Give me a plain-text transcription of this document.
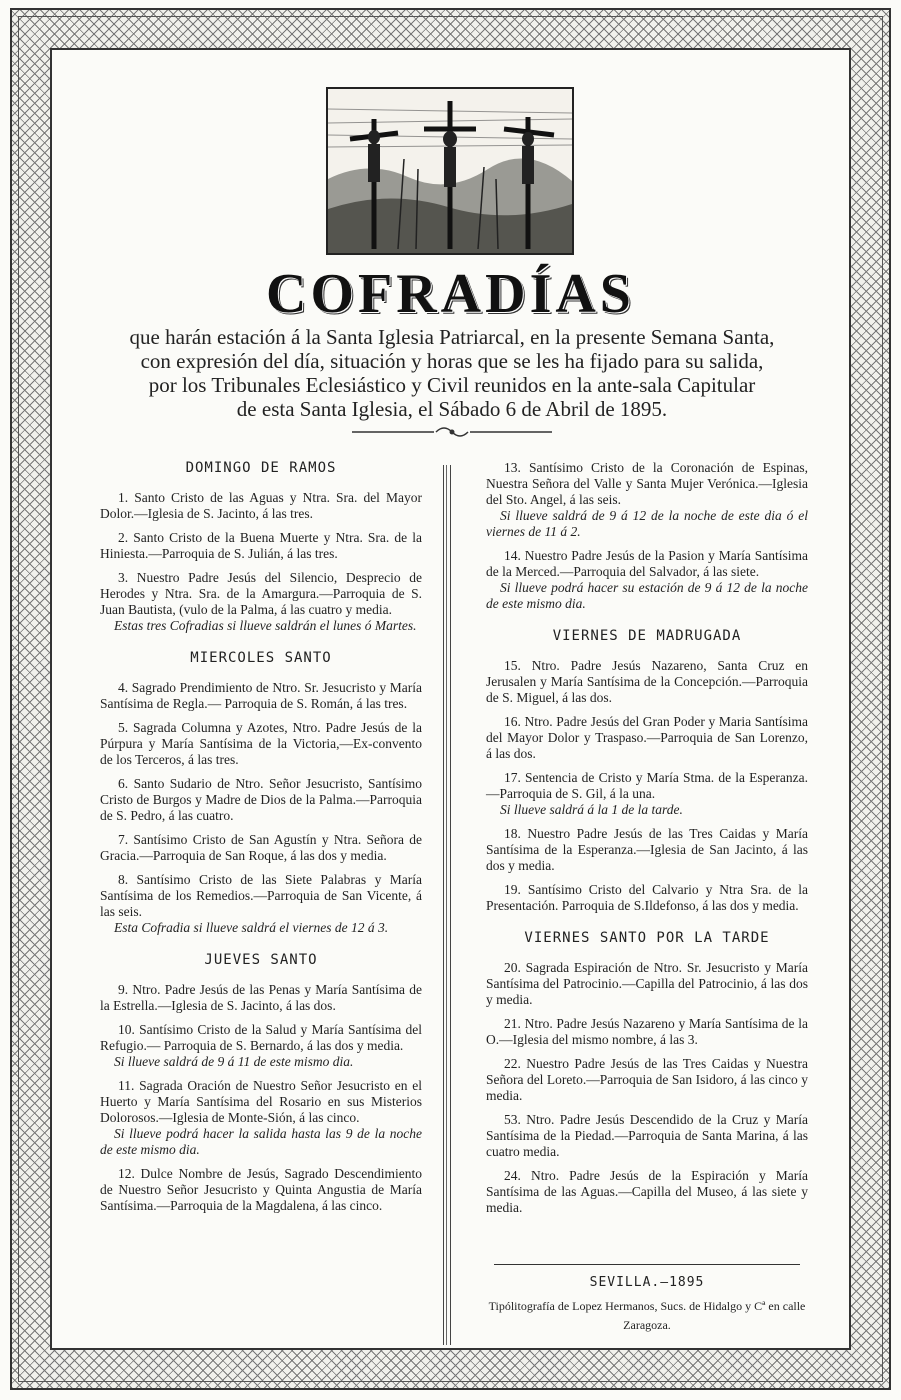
COFRADÍAS
que harán estación á la Santa Iglesia Patriarcal, en la presente Semana Santa,
con expresión del día, situación y horas que se les ha fijado para su salida,
por los Tribunales Eclesiástico y Civil reunidos en la ante-sala Capitular
de esta Santa Iglesia, el Sábado 6 de Abril de 1895.
DOMINGO DE RAMOS
1. Santo Cristo de las Aguas y Ntra. Sra. del Mayor Dolor.—Iglesia de S. Jacinto, á las tres.
2. Santo Cristo de la Buena Muerte y Ntra. Sra. de la Hiniesta.—Parroquia de S. Julián, á las tres.
3. Nuestro Padre Jesús del Silencio, Desprecio de Herodes y Ntra. Sra. de la Amargura.—Parroquia de S. Juan Bautista, (vulo de la Palma, á las cuatro y media.
Estas tres Cofradias si llueve saldrán el lunes ó Martes.
MIERCOLES SANTO
4. Sagrado Prendimiento de Ntro. Sr. Jesucristo y María Santísima de Regla.— Parroquia de S. Román, á las tres.
5. Sagrada Columna y Azotes, Ntro. Padre Jesús de la Púrpura y María Santísima de la Victoria,—Ex-convento de los Terceros, á las tres.
6. Santo Sudario de Ntro. Señor Jesucristo, Santísimo Cristo de Burgos y Madre de Dios de la Palma.—Parroquia de S. Pedro, á las cuatro.
7. Santísimo Cristo de San Agustín y Ntra. Señora de Gracia.—Parroquia de San Roque, á las dos y media.
8. Santísimo Cristo de las Siete Palabras y María Santísima de los Remedios.—Parroquia de San Vicente, á las seis.
Esta Cofradia si llueve saldrá el viernes de 12 á 3.
JUEVES SANTO
9. Ntro. Padre Jesús de las Penas y María Santísima de la Estrella.—Iglesia de S. Jacinto, á las dos.
10. Santísimo Cristo de la Salud y María Santísima del Refugio.— Parroquia de S. Bernardo, á las dos y media.
Si llueve saldrá de 9 á 11 de este mismo dia.
11. Sagrada Oración de Nuestro Señor Jesucristo en el Huerto y María Santísima del Rosario en sus Misterios Dolorosos.—Iglesia de Monte-Sión, á las cinco.
Si llueve podrá hacer la salida hasta las 9 de la noche de este mismo dia.
12. Dulce Nombre de Jesús, Sagrado Descendimiento de Nuestro Señor Jesucristo y Quinta Angustia de María Santísima.—Parroquia de la Magdalena, á las cinco.
13. Santísimo Cristo de la Coronación de Espinas, Nuestra Señora del Valle y Santa Mujer Verónica.—Iglesia del Sto. Angel, á las seis.
Si llueve saldrá de 9 á 12 de la noche de este dia ó el viernes de 11 á 2.
14. Nuestro Padre Jesús de la Pasion y María Santísima de la Merced.—Parroquia del Salvador, á las siete.
Si llueve podrá hacer su estación de 9 á 12 de la noche de este mismo dia.
VIERNES DE MADRUGADA
15. Ntro. Padre Jesús Nazareno, Santa Cruz en Jerusalen y María Santísima de la Concepción.—Parroquia de S. Miguel, á las dos.
16. Ntro. Padre Jesús del Gran Poder y Maria Santísima del Mayor Dolor y Traspaso.—Parroquia de San Lorenzo, á las dos.
17. Sentencia de Cristo y María Stma. de la Esperanza.—Parroquia de S. Gil, á la una.
Si llueve saldrá á la 1 de la tarde.
18. Nuestro Padre Jesús de las Tres Caidas y María Santísima de la Esperanza.—Iglesia de San Jacinto, á las dos y media.
19. Santísimo Cristo del Calvario y Ntra Sra. de la Presentación. Parroquia de S.Ildefonso, á las dos y media.
VIERNES SANTO POR LA TARDE
20. Sagrada Espiración de Ntro. Sr. Jesucristo y María Santísima del Patrocinio.—Capilla del Patrocinio, á las dos y media.
21. Ntro. Padre Jesús Nazareno y María Santísima de la O.—Iglesia del mismo nombre, á las 3.
22. Nuestro Padre Jesús de las Tres Caidas y Nuestra Señora del Loreto.—Parroquia de San Isidoro, á las cinco y media.
53. Ntro. Padre Jesús Descendido de la Cruz y María Santísima de la Piedad.—Parroquia de Santa Marina, á las cuatro media.
24. Ntro. Padre Jesús de la Espiración y María Santísima de las Aguas.—Capilla del Museo, á las siete y media.
SEVILLA.—1895
Tipólitografía de Lopez Hermanos, Sucs. de Hidalgo y Cª en calle Zaragoza.
